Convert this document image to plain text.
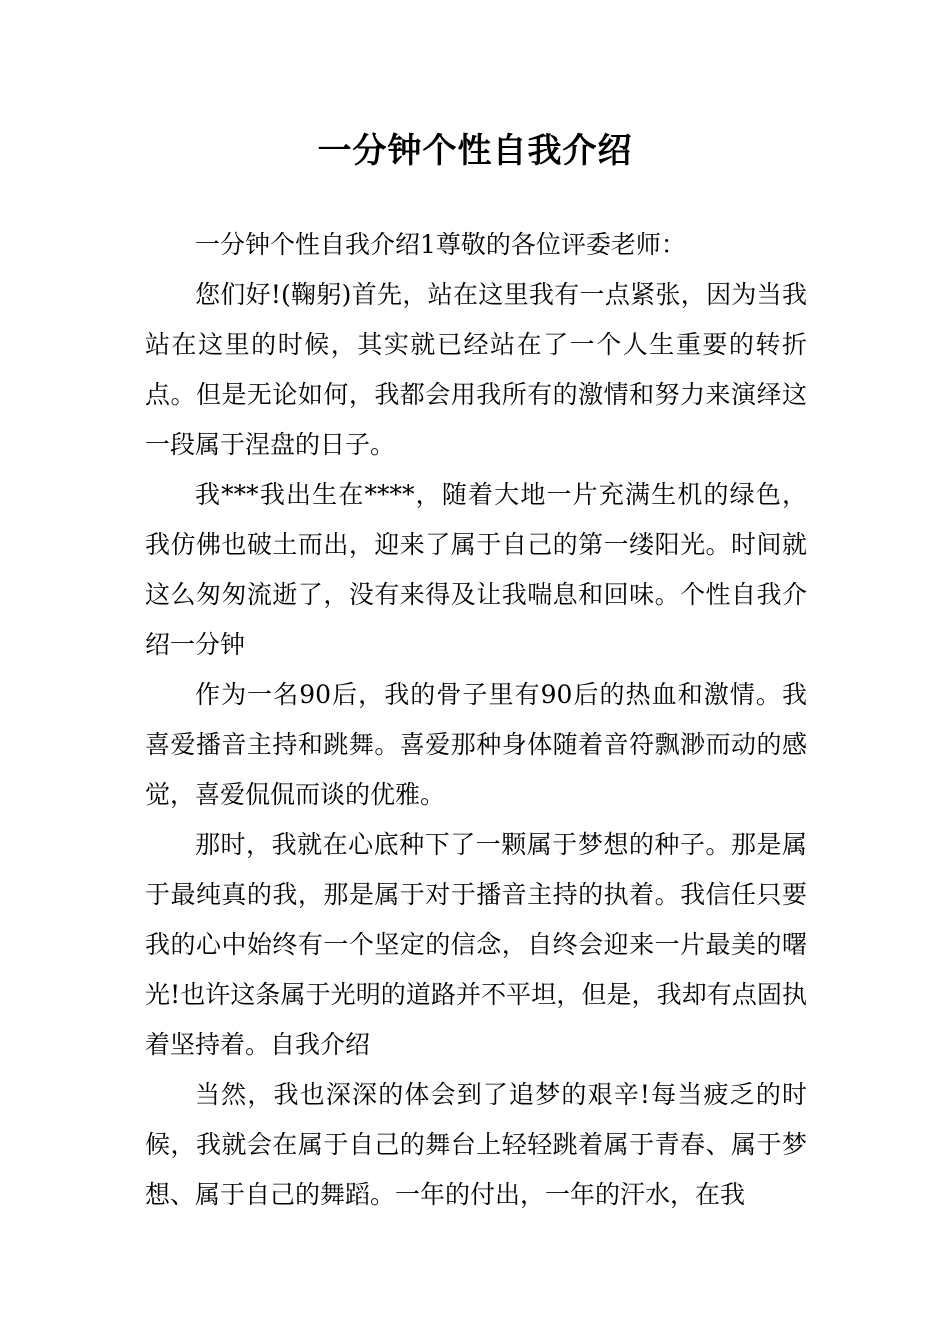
一分钟个性自我介绍

一分钟个性自我介绍1尊敬的各位评委老师：

您们好!(鞠躬)首先，站在这里我有一点紧张，因为当我站在这里的时候，其实就已经站在了一个人生重要的转折点。但是无论如何，我都会用我所有的激情和努力来演绎这一段属于涅盘的日子。

我***我出生在****，随着大地一片充满生机的绿色，我仿佛也破土而出，迎来了属于自己的第一缕阳光。时间就这么匆匆流逝了，没有来得及让我喘息和回味。个性自我介绍一分钟

作为一名90后，我的骨子里有90后的热血和激情。我喜爱播音主持和跳舞。喜爱那种身体随着音符飘渺而动的感觉，喜爱侃侃而谈的优雅。

那时，我就在心底种下了一颗属于梦想的种子。那是属于最纯真的我，那是属于对于播音主持的执着。我信任只要我的心中始终有一个坚定的信念，自终会迎来一片最美的曙光!也许这条属于光明的道路并不平坦，但是，我却有点固执着坚持着。自我介绍

当然，我也深深的体会到了追梦的艰辛!每当疲乏的时候，我就会在属于自己的舞台上轻轻跳着属于青春、属于梦想、属于自己的舞蹈。一年的付出，一年的汗水，在我
